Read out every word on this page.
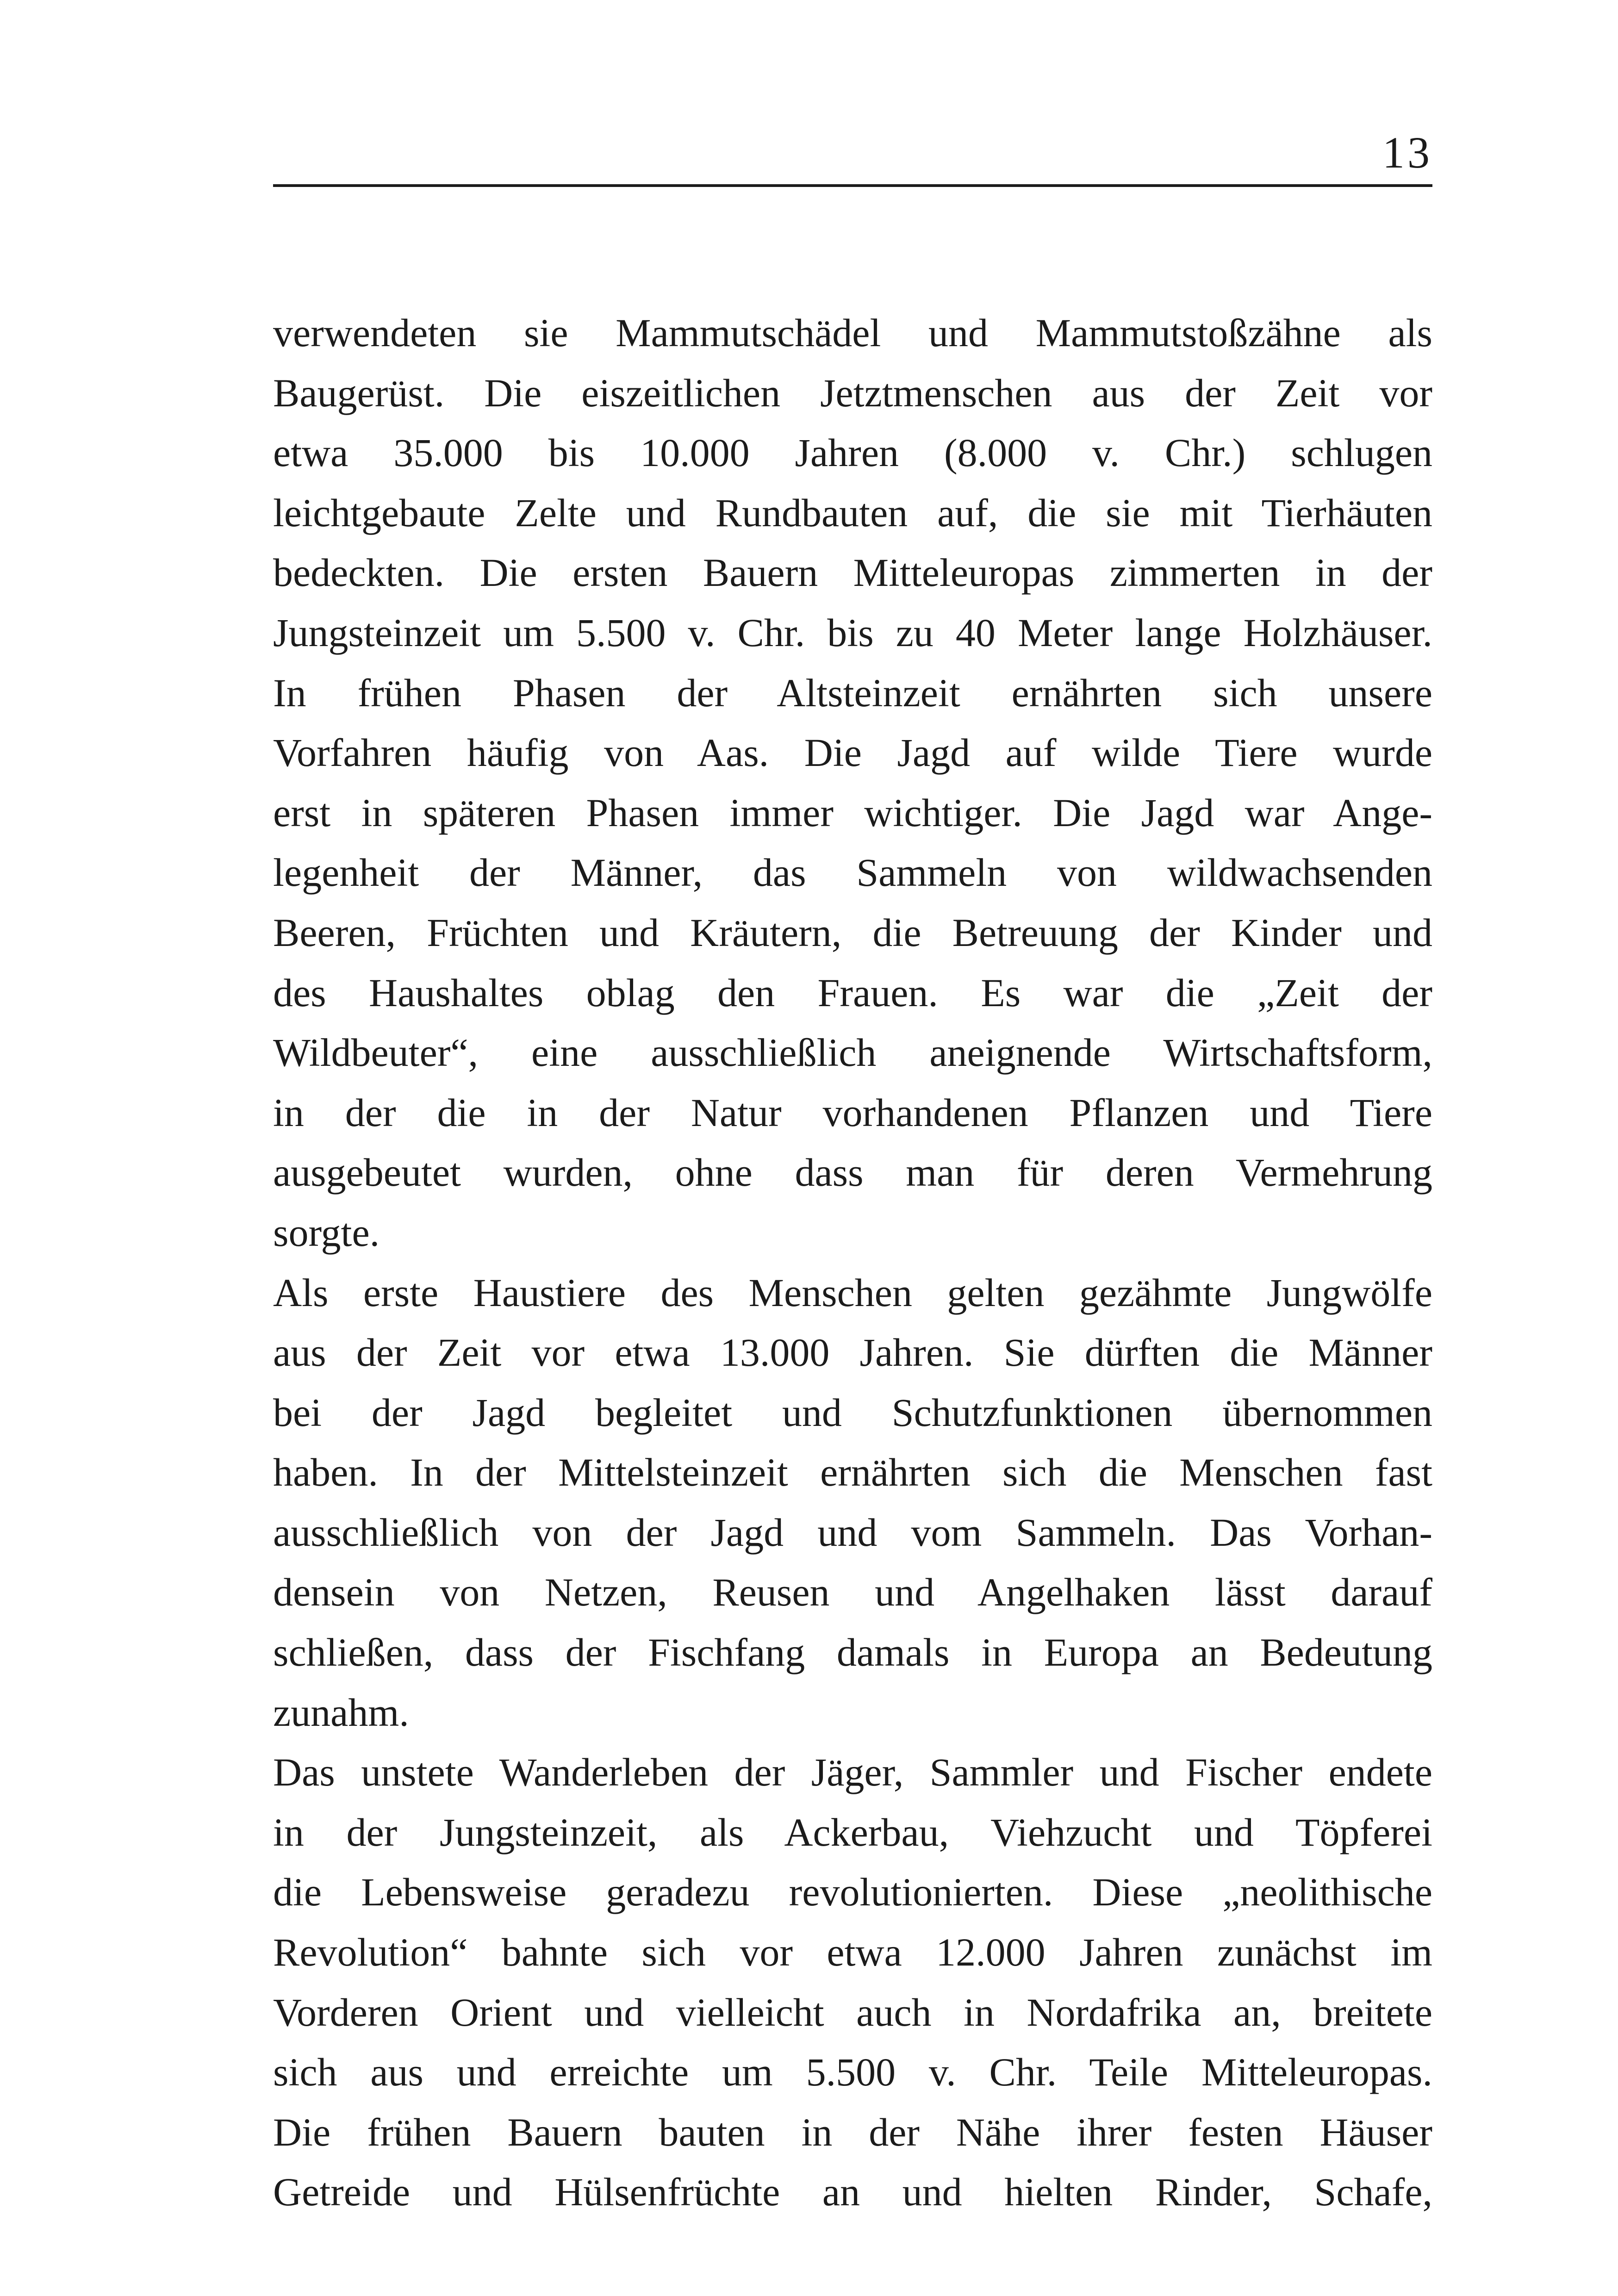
13
verwendeten sie Mammutschädel und Mammutstoßzähne als
Baugerüst. Die eiszeitlichen Jetztmenschen aus der Zeit vor
etwa 35.000 bis 10.000 Jahren (8.000 v. Chr.) schlugen
leichtgebaute Zelte und Rundbauten auf, die sie mit Tierhäuten
bedeckten. Die ersten Bauern Mitteleuropas zimmerten in der
Jungsteinzeit um 5.500 v. Chr. bis zu 40 Meter lange Holzhäuser.
In frühen Phasen der Altsteinzeit ernährten sich unsere
Vorfahren häufig von Aas. Die Jagd auf wilde Tiere wurde
erst in späteren Phasen immer wichtiger. Die Jagd war Ange-
legenheit der Männer, das Sammeln von wildwachsenden
Beeren, Früchten und Kräutern, die Betreuung der Kinder und
des Haushaltes oblag den Frauen. Es war die „Zeit der
Wildbeuter“, eine ausschließlich aneignende Wirtschaftsform,
in der die in der Natur vorhandenen Pflanzen und Tiere
ausgebeutet wurden, ohne dass man für deren Vermehrung
sorgte.
Als erste Haustiere des Menschen gelten gezähmte Jungwölfe
aus der Zeit vor etwa 13.000 Jahren. Sie dürften die Männer
bei der Jagd begleitet und Schutzfunktionen übernommen
haben. In der Mittelsteinzeit ernährten sich die Menschen fast
ausschließlich von der Jagd und vom Sammeln. Das Vorhan-
densein von Netzen, Reusen und Angelhaken lässt darauf
schließen, dass der Fischfang damals in Europa an Bedeutung
zunahm.
Das unstete Wanderleben der Jäger, Sammler und Fischer endete
in der Jungsteinzeit, als Ackerbau, Viehzucht und Töpferei
die Lebensweise geradezu revolutionierten. Diese „neolithische
Revolution“ bahnte sich vor etwa 12.000 Jahren zunächst im
Vorderen Orient und vielleicht auch in Nordafrika an, breitete
sich aus und erreichte um 5.500 v. Chr. Teile Mitteleuropas.
Die frühen Bauern bauten in der Nähe ihrer festen Häuser
Getreide und Hülsenfrüchte an und hielten Rinder, Schafe,
